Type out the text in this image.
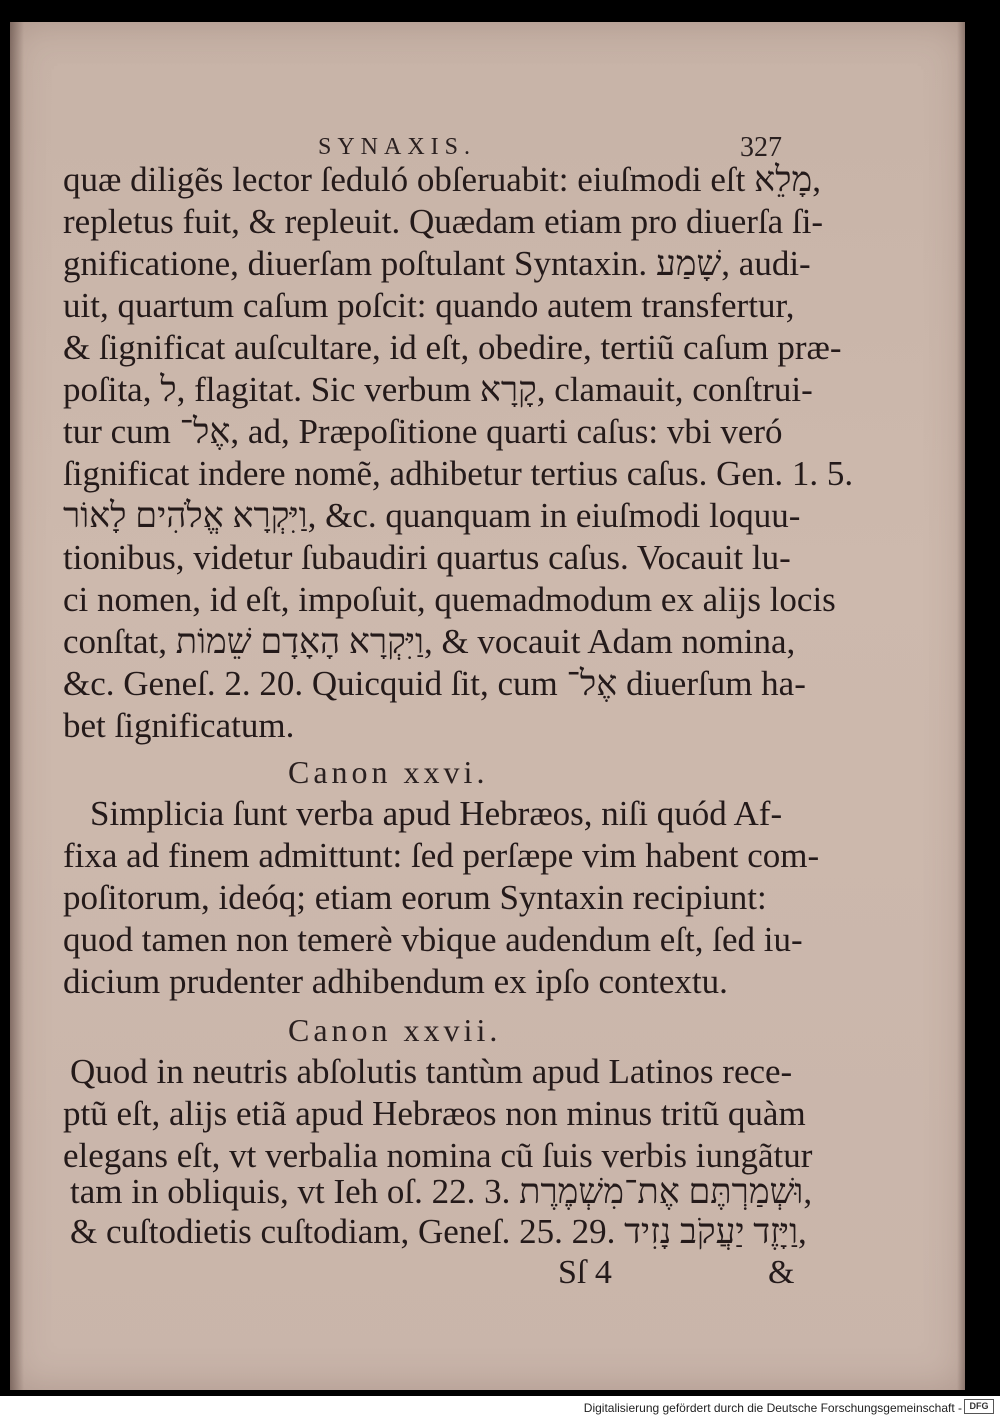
SYNAXIS.	327
quæ diligẽs lector ſeduló obſeruabit: eiuſmodi eſt מָלֵא,
repletus fuit, & repleuit. Quædam etiam pro diuerſa ſi-
gnificatione, diuerſam poſtulant Syntaxin. שָׁמַע, audi-
uit, quartum caſum poſcit: quando autem transfertur,
& ſignificat auſcultare, id eſt, obedire, tertiũ caſum præ-
poſita, ל, flagitat. Sic verbum קָרָא, clamauit, conſtrui-
tur cum אֶל־, ad, Præpoſitione quarti caſus: vbi veró
ſignificat indere nomẽ, adhibetur tertius caſus. Gen. 1. 5.
וַיִּקְרָא אֱלֹהִים לָאוֹר, &c. quanquam in eiuſmodi loquu-
tionibus, videtur ſubaudiri quartus caſus. Vocauit lu-
ci nomen, id eſt, impoſuit, quemadmodum ex alijs locis
conſtat, וַיִּקְרָא הָאָדָם שֵׁמוֹת, & vocauit Adam nomina,
&c. Geneſ. 2. 20. Quicquid ſit, cum אֶל־ diuerſum ha-
bet ſignificatum.
Canon xxvi.
Simplicia ſunt verba apud Hebræos, niſi quód Af-
fixa ad finem admittunt: ſed perſæpe vim habent com-
poſitorum, ideóq; etiam eorum Syntaxin recipiunt:
quod tamen non temerè vbique audendum eſt, ſed iu-
dicium prudenter adhibendum ex ipſo contextu.
Canon xxvii.
Quod in neutris abſolutis tantùm apud Latinos rece-
ptũ eſt, alijs etiã apud Hebræos non minus tritũ quàm
elegans eſt, vt verbalia nomina cũ ſuis verbis iungãtur
tam in obliquis, vt Ieh oſ. 22. 3. וּשְׁמַרְתֶּם אֶת־מִשְׁמֶרֶת,
& cuſtodietis cuſtodiam, Geneſ. 25. 29. וַיָּזֶד יַעֲקֹב נָזִיד,
Sſ 4	&
Digitalisierung gefördert durch die Deutsche Forschungsgemeinschaft - DFG
